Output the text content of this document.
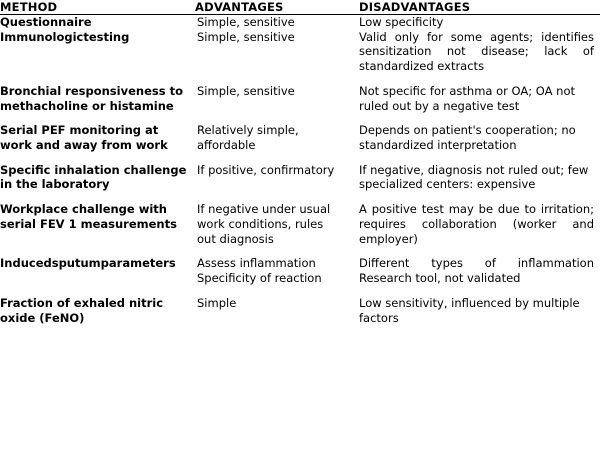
METHOD	ADVANTAGES	DISADVANTAGES
Questionnaire	Simple, sensitive	Low specificity
Immunologictesting	Simple, sensitive	Valid only for some agents; identifies sensitization not disease; lack of standardized extracts
Bronchial responsiveness to methacholine or histamine	Simple, sensitive	Not specific for asthma or OA; OA not ruled out by a negative test
Serial PEF monitoring at work and away from work	Relatively simple, affordable	Depends on patient's cooperation; no standardized interpretation
Specific inhalation challenge in the laboratory	If positive, confirmatory	If negative, diagnosis not ruled out; few specialized centers: expensive
Workplace challenge with serial FEV 1 measurements	If negative under usual work conditions, rules out diagnosis	A positive test may be due to irritation; requires collaboration (worker and employer)
Inducedsputumparameters	Assess inflammation Specificity of reaction	Different types of inflammation Research tool, not validated
Fraction of exhaled nitric oxide (FeNO)	Simple	Low sensitivity, influenced by multiple factors
